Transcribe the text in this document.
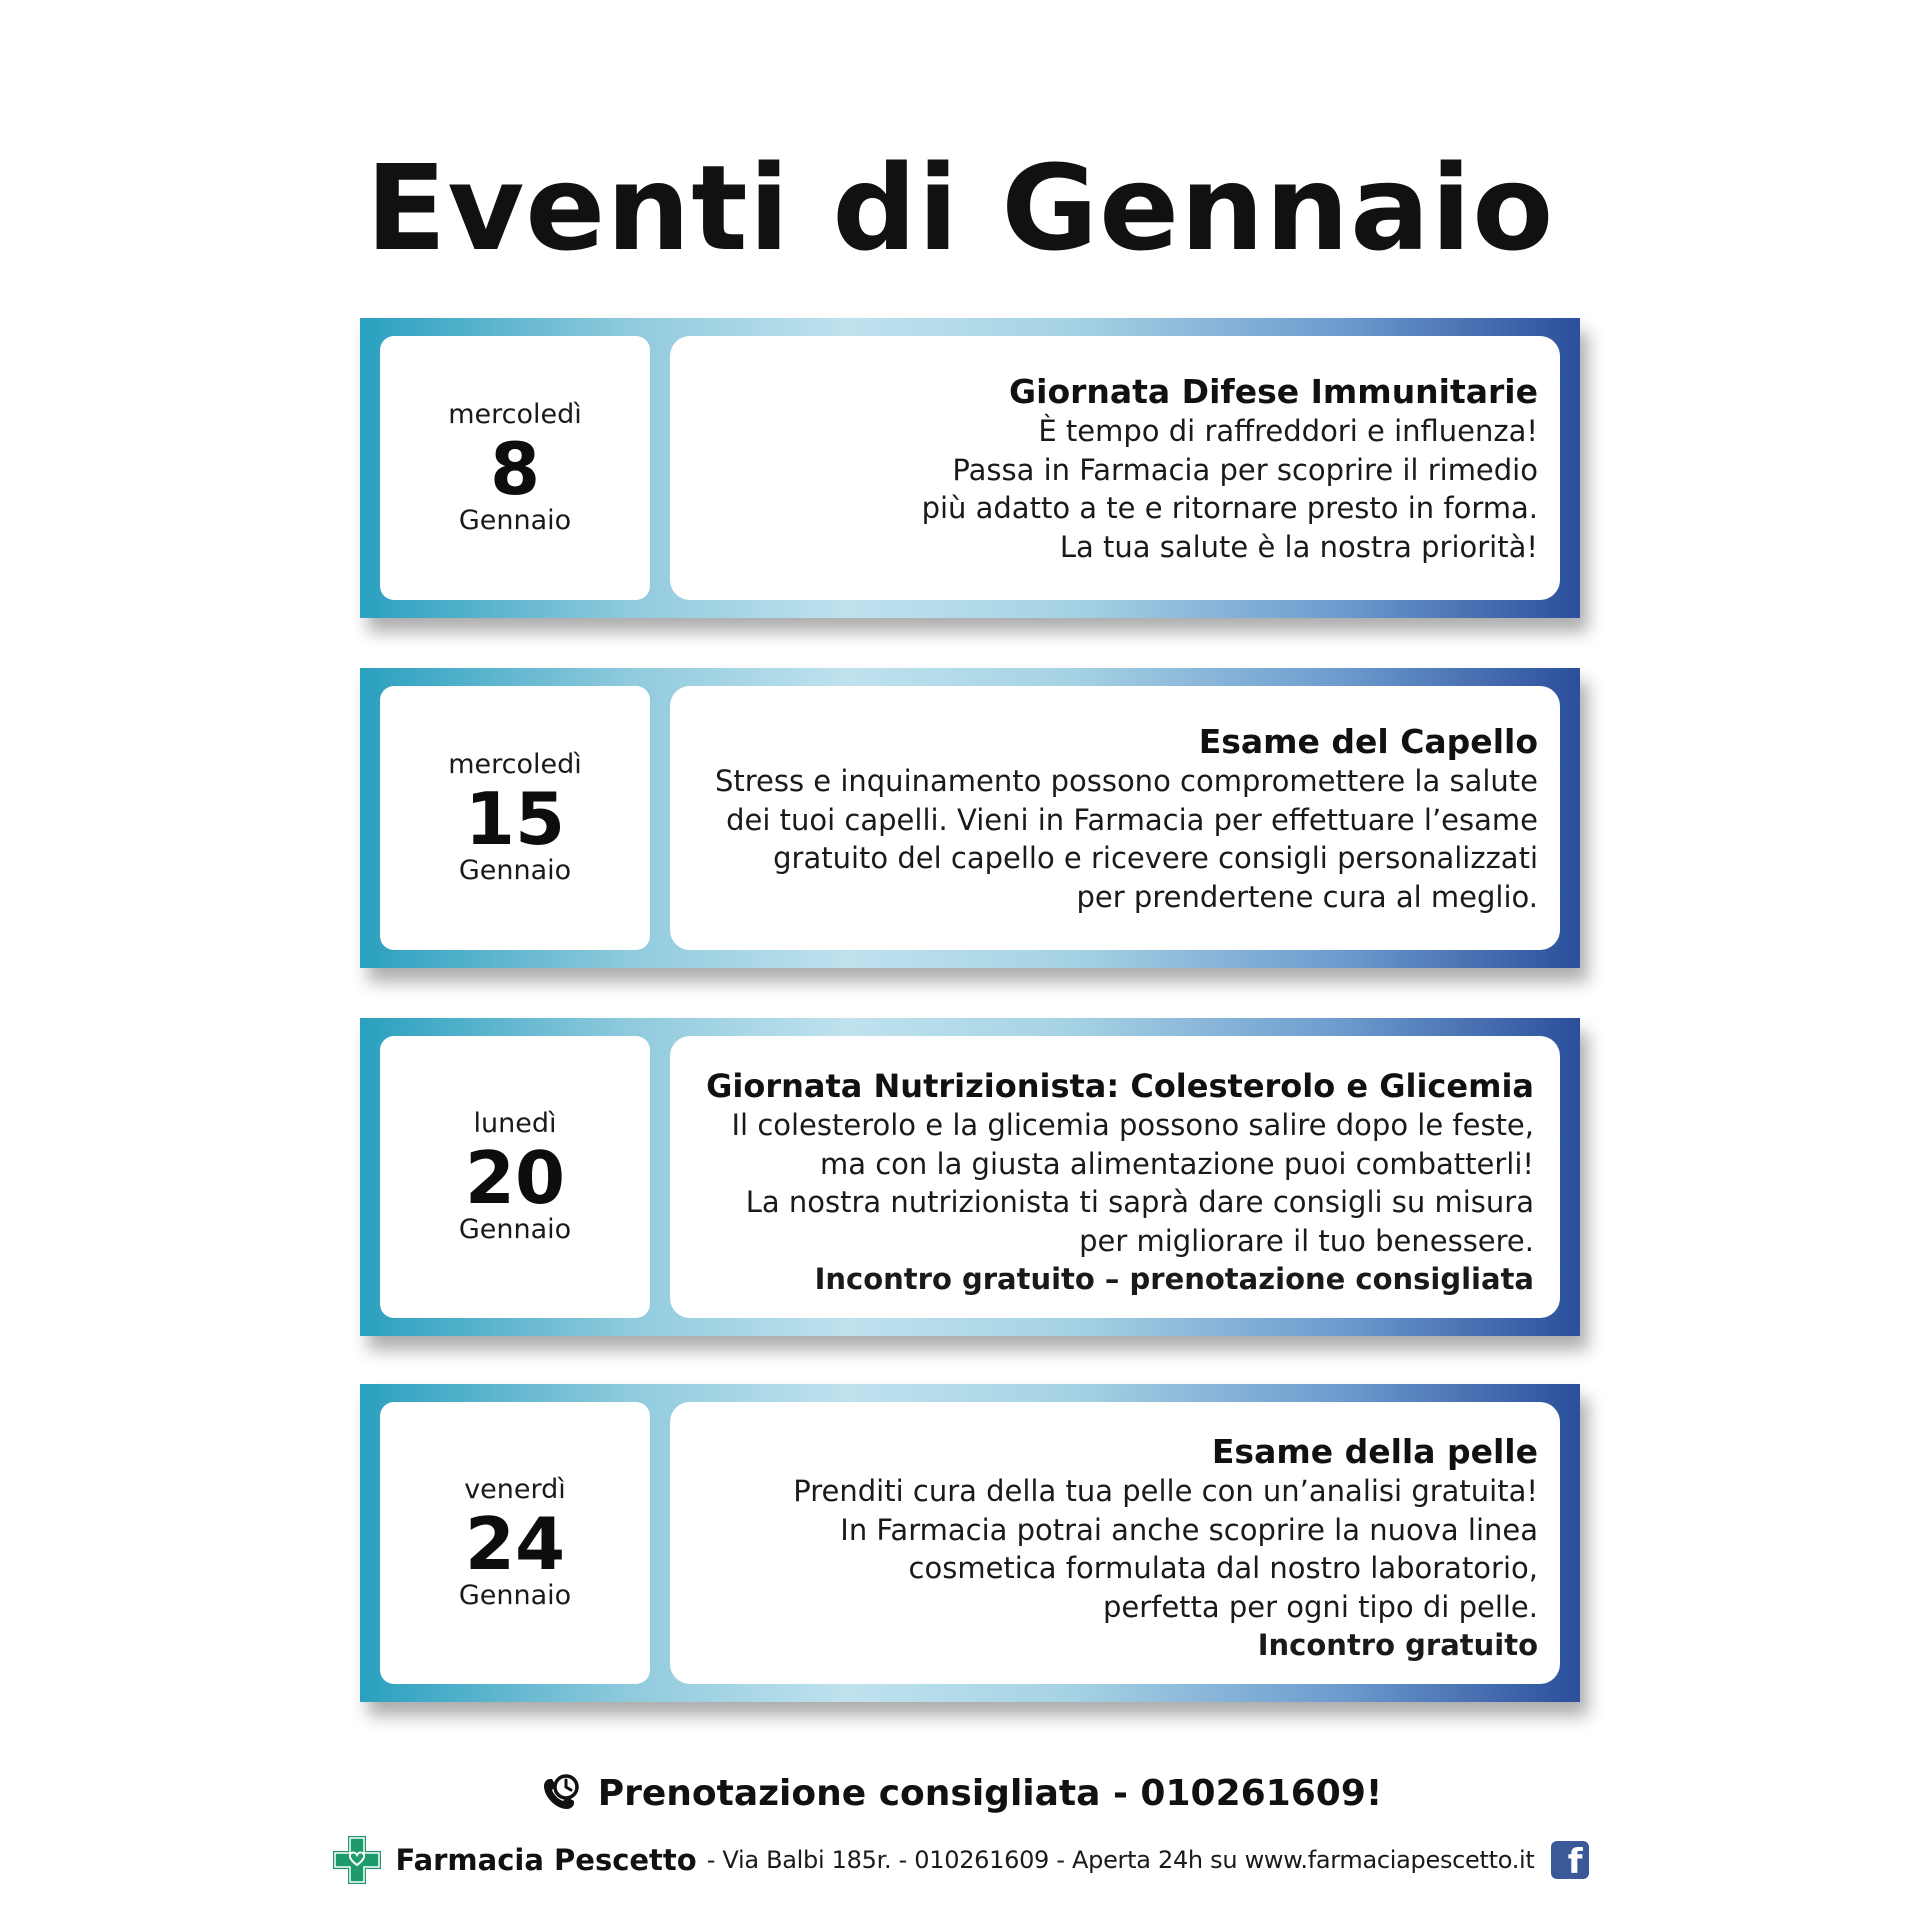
Eventi di Gennaio
mercoledì
8
Gennaio
Giornata Difese Immunitarie
È tempo di raffreddori e influenza!
Passa in Farmacia per scoprire il rimedio
più adatto a te e ritornare presto in forma.
La tua salute è la nostra priorità!
mercoledì
15
Gennaio
Esame del Capello
Stress e inquinamento possono compromettere la salute
dei tuoi capelli. Vieni in Farmacia per effettuare l’esame
gratuito del capello e ricevere consigli personalizzati
per prendertene cura al meglio.
lunedì
20
Gennaio
Giornata Nutrizionista: Colesterolo e Glicemia
Il colesterolo e la glicemia possono salire dopo le feste,
ma con la giusta alimentazione puoi combatterli!
La nostra nutrizionista ti saprà dare consigli su misura
per migliorare il tuo benessere.
Incontro gratuito – prenotazione consigliata
venerdì
24
Gennaio
Esame della pelle
Prenditi cura della tua pelle con un’analisi gratuita!
In Farmacia potrai anche scoprire la nuova linea
cosmetica formulata dal nostro laboratorio,
perfetta per ogni tipo di pelle.
Incontro gratuito
Prenotazione consigliata - 010261609!
Farmacia Pescetto - Via Balbi 185r. - 010261609 - Aperta 24h su www.farmaciapescetto.it f
